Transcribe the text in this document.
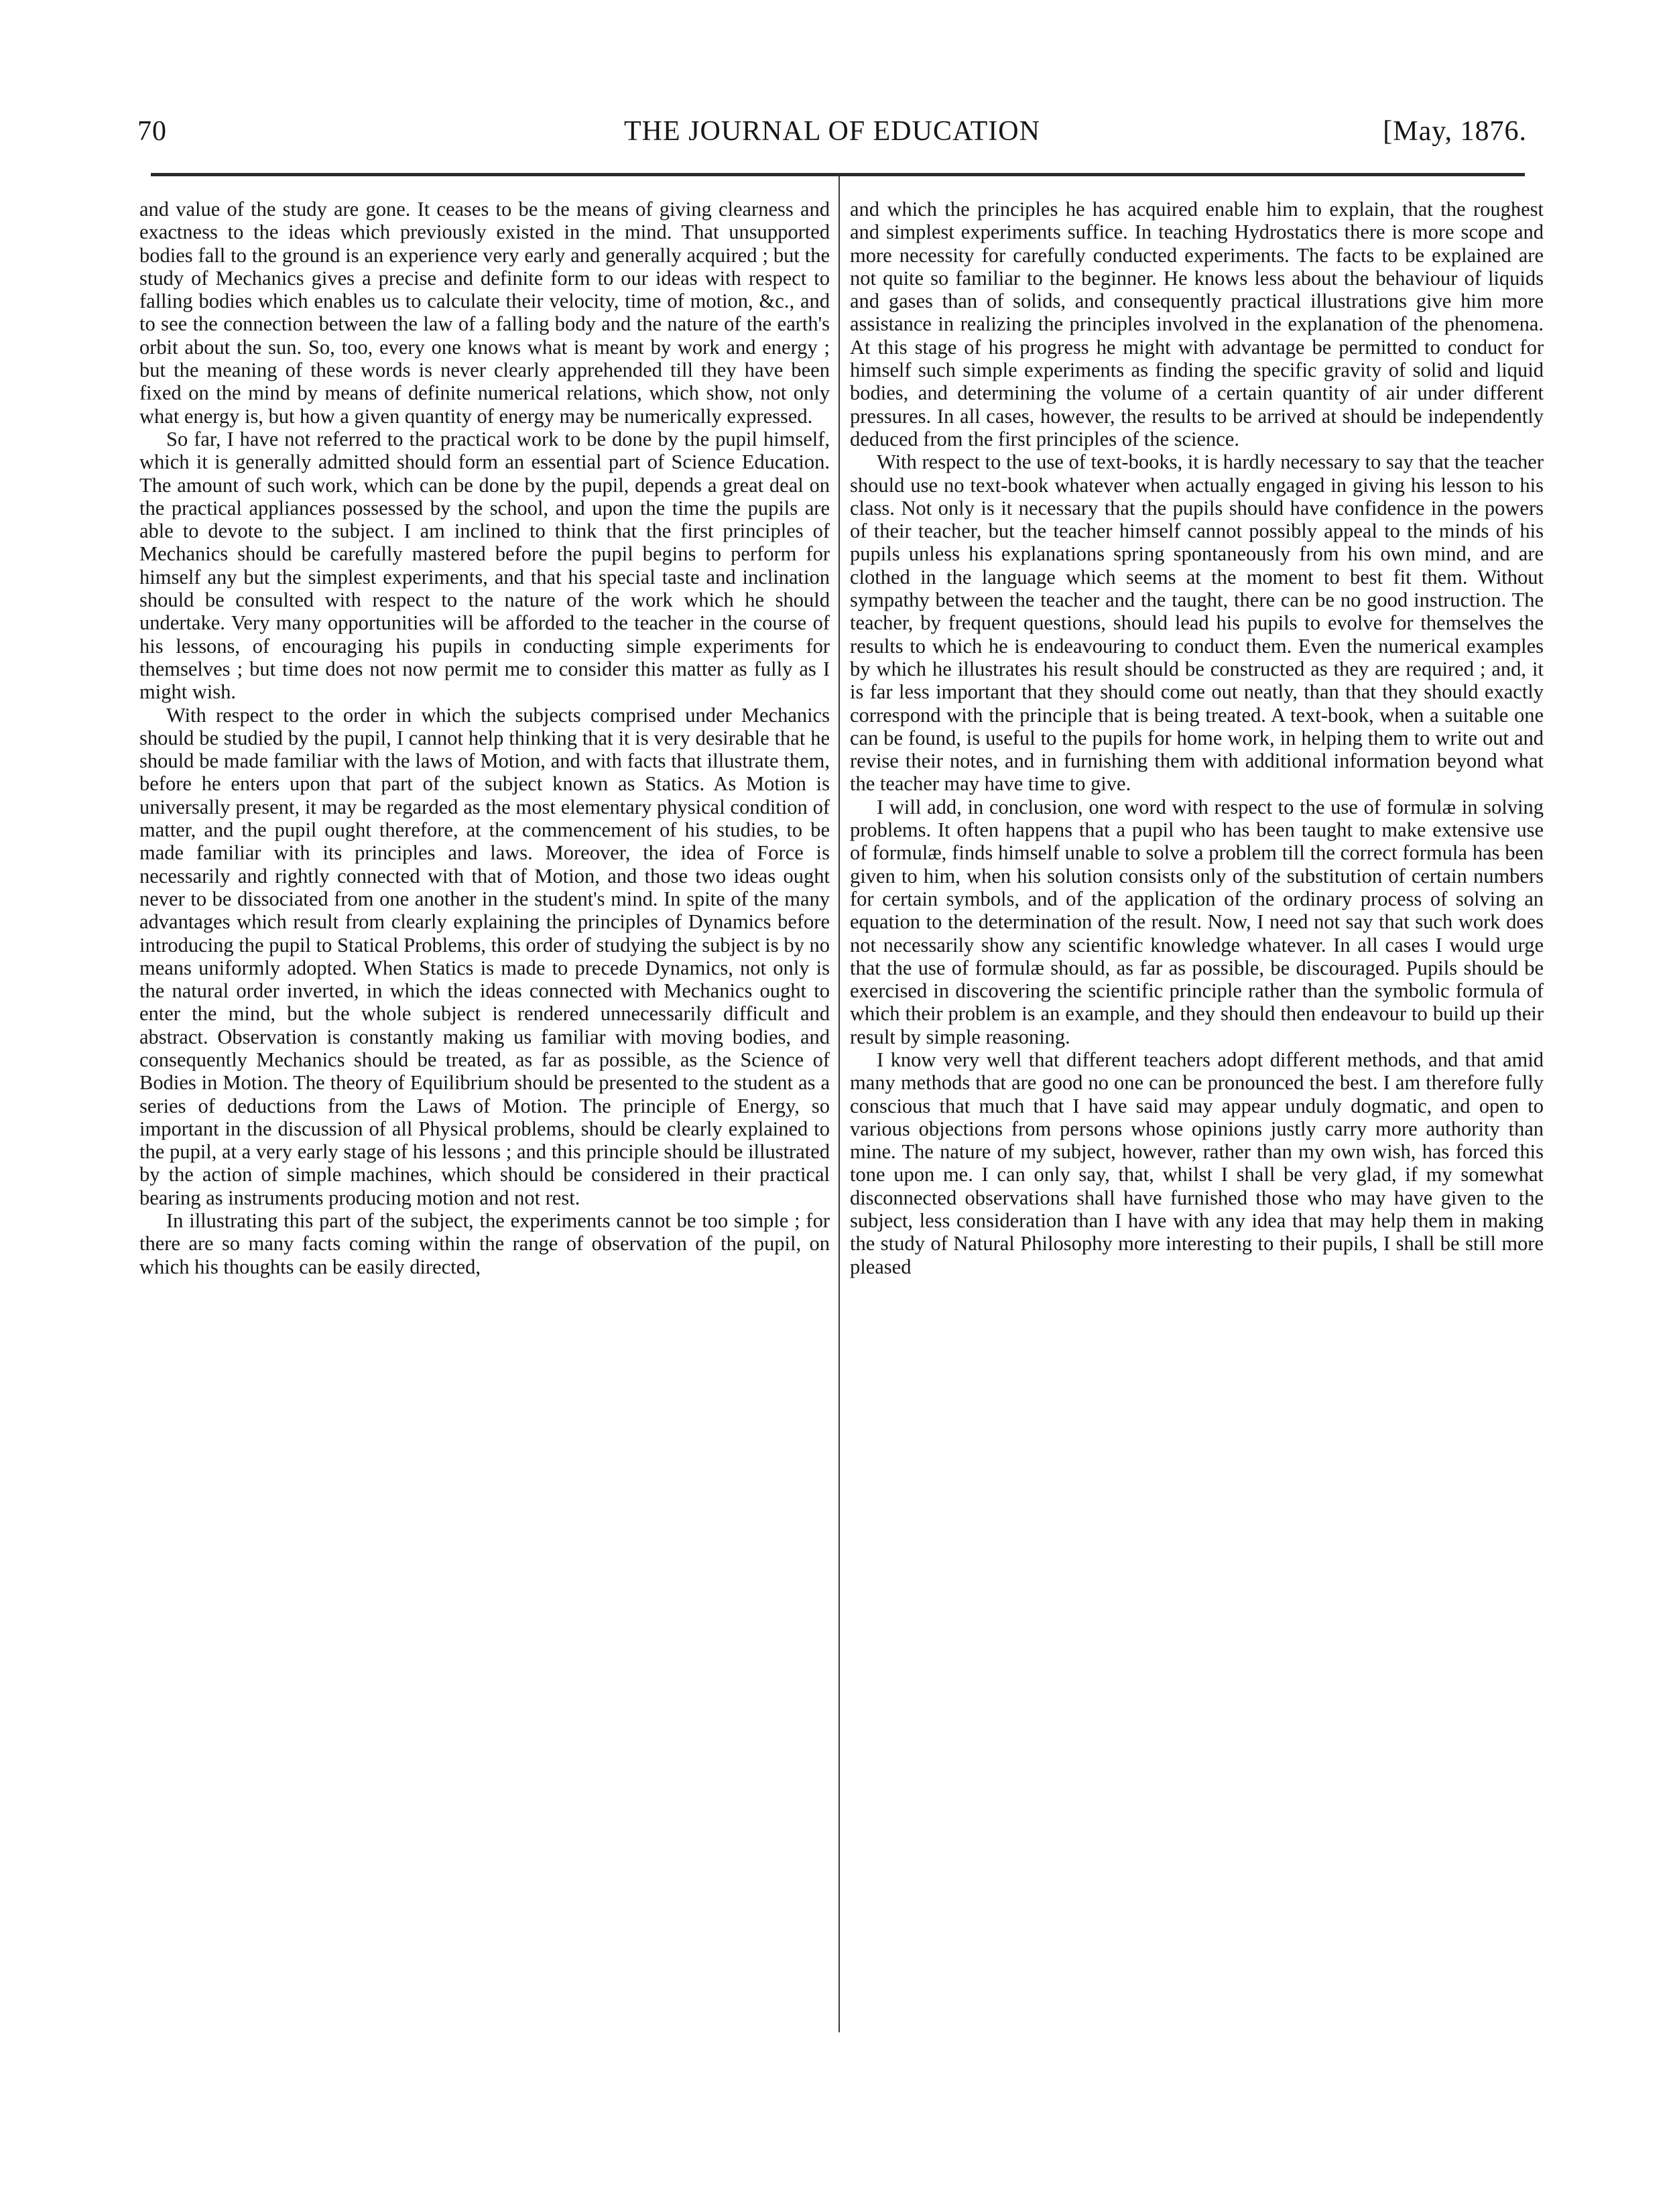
70	THE JOURNAL OF EDUCATION	[May, 1876.

and value of the study are gone. It ceases to be the means of giving clearness and exactness to the ideas which previously existed in the mind. That unsupported bodies fall to the ground is an experience very early and generally acquired ; but the study of Mechanics gives a precise and definite form to our ideas with respect to falling bodies which enables us to calculate their velocity, time of motion, &c., and to see the connection between the law of a falling body and the nature of the earth's orbit about the sun. So, too, every one knows what is meant by work and energy ; but the meaning of these words is never clearly apprehended till they have been fixed on the mind by means of definite numerical relations, which show, not only what energy is, but how a given quantity of energy may be numerically expressed.

So far, I have not referred to the practical work to be done by the pupil himself, which it is generally admitted should form an essential part of Science Education. The amount of such work, which can be done by the pupil, depends a great deal on the practical appliances possessed by the school, and upon the time the pupils are able to devote to the subject. I am inclined to think that the first principles of Mechanics should be carefully mastered before the pupil begins to perform for himself any but the simplest experiments, and that his special taste and inclination should be consulted with respect to the nature of the work which he should undertake. Very many opportunities will be afforded to the teacher in the course of his lessons, of encouraging his pupils in conducting simple experiments for themselves ; but time does not now permit me to consider this matter as fully as I might wish.

With respect to the order in which the subjects comprised under Mechanics should be studied by the pupil, I cannot help thinking that it is very desirable that he should be made familiar with the laws of Motion, and with facts that illustrate them, before he enters upon that part of the subject known as Statics. As Motion is universally present, it may be regarded as the most elementary physical condition of matter, and the pupil ought therefore, at the commencement of his studies, to be made familiar with its principles and laws. Moreover, the idea of Force is necessarily and rightly connected with that of Motion, and those two ideas ought never to be dissociated from one another in the student's mind. In spite of the many advantages which result from clearly explaining the principles of Dynamics before introducing the pupil to Statical Problems, this order of studying the subject is by no means uniformly adopted. When Statics is made to precede Dynamics, not only is the natural order inverted, in which the ideas connected with Mechanics ought to enter the mind, but the whole subject is rendered unnecessarily difficult and abstract. Observation is constantly making us familiar with moving bodies, and consequently Mechanics should be treated, as far as possible, as the Science of Bodies in Motion. The theory of Equilibrium should be presented to the student as a series of deductions from the Laws of Motion. The principle of Energy, so important in the discussion of all Physical problems, should be clearly explained to the pupil, at a very early stage of his lessons ; and this principle should be illustrated by the action of simple machines, which should be considered in their practical bearing as instruments producing motion and not rest.

In illustrating this part of the subject, the experiments cannot be too simple ; for there are so many facts coming within the range of observation of the pupil, on which his thoughts can be easily directed,

and which the principles he has acquired enable him to explain, that the roughest and simplest experiments suffice. In teaching Hydrostatics there is more scope and more necessity for carefully conducted experiments. The facts to be explained are not quite so familiar to the beginner. He knows less about the behaviour of liquids and gases than of solids, and consequently practical illustrations give him more assistance in realizing the principles involved in the explanation of the phenomena. At this stage of his progress he might with advantage be permitted to conduct for himself such simple experiments as finding the specific gravity of solid and liquid bodies, and determining the volume of a certain quantity of air under different pressures. In all cases, however, the results to be arrived at should be independently deduced from the first principles of the science.

With respect to the use of text-books, it is hardly necessary to say that the teacher should use no text-book whatever when actually engaged in giving his lesson to his class. Not only is it necessary that the pupils should have confidence in the powers of their teacher, but the teacher himself cannot possibly appeal to the minds of his pupils unless his explanations spring spontaneously from his own mind, and are clothed in the language which seems at the moment to best fit them. Without sympathy between the teacher and the taught, there can be no good instruction. The teacher, by frequent questions, should lead his pupils to evolve for themselves the results to which he is endeavouring to conduct them. Even the numerical examples by which he illustrates his result should be constructed as they are required ; and, it is far less important that they should come out neatly, than that they should exactly correspond with the principle that is being treated. A text-book, when a suitable one can be found, is useful to the pupils for home work, in helping them to write out and revise their notes, and in furnishing them with additional information beyond what the teacher may have time to give.

I will add, in conclusion, one word with respect to the use of formulæ in solving problems. It often happens that a pupil who has been taught to make extensive use of formulæ, finds himself unable to solve a problem till the correct formula has been given to him, when his solution consists only of the substitution of certain numbers for certain symbols, and of the application of the ordinary process of solving an equation to the determination of the result. Now, I need not say that such work does not necessarily show any scientific knowledge whatever. In all cases I would urge that the use of formulæ should, as far as possible, be discouraged. Pupils should be exercised in discovering the scientific principle rather than the symbolic formula of which their problem is an example, and they should then endeavour to build up their result by simple reasoning.

I know very well that different teachers adopt different methods, and that amid many methods that are good no one can be pronounced the best. I am therefore fully conscious that much that I have said may appear unduly dogmatic, and open to various objections from persons whose opinions justly carry more authority than mine. The nature of my subject, however, rather than my own wish, has forced this tone upon me. I can only say, that, whilst I shall be very glad, if my somewhat disconnected observations shall have furnished those who may have given to the subject, less consideration than I have with any idea that may help them in making the study of Natural Philosophy more interesting to their pupils, I shall be still more pleased
